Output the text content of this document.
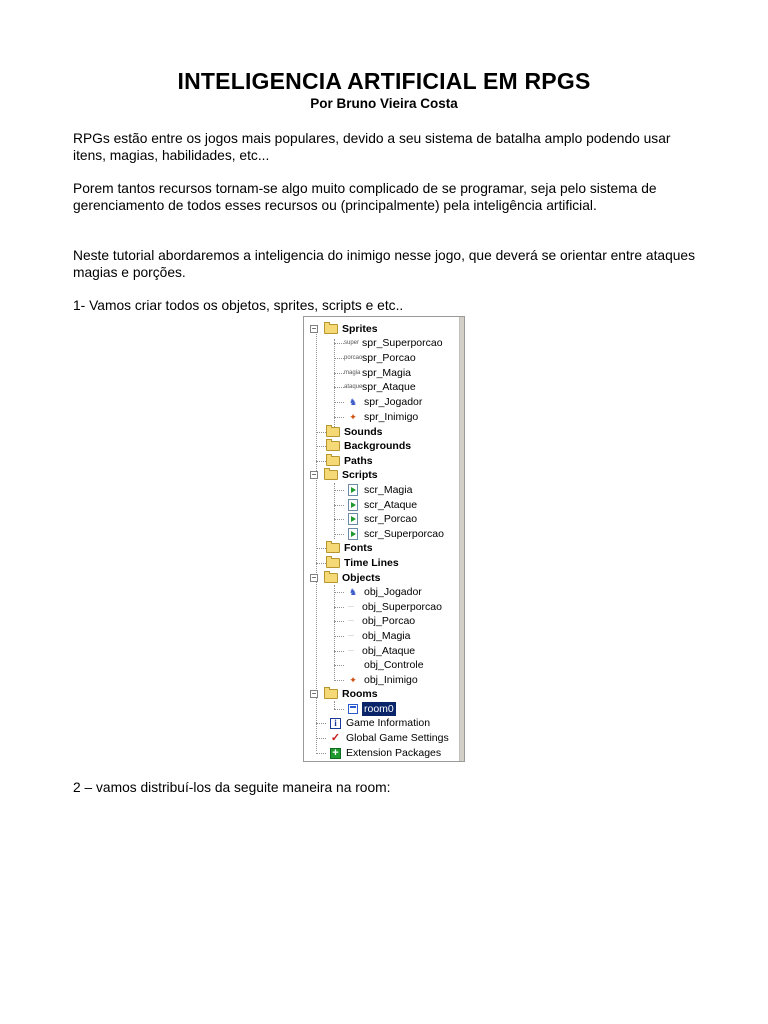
INTELIGENCIA ARTIFICIAL EM RPGS
Por Bruno Vieira Costa

RPGs estão entre os jogos mais populares, devido a seu sistema de batalha amplo podendo usar itens, magias, habilidades, etc...

Porem tantos recursos tornam-se algo muito complicado de se programar, seja pelo sistema de gerenciamento de todos esses recursos ou (principalmente) pela inteligência artificial.

Neste tutorial abordaremos a inteligencia do inimigo nesse jogo, que deverá se orientar entre ataques magias e porções.

1- Vamos criar todos os objetos, sprites, scripts e etc..

− Sprites
super spr_Superporcao
porcao spr_Porcao
magia spr_Magia
ataque spr_Ataque
♞ spr_Jogador
✦ spr_Inimigo
Sounds
Backgrounds
Paths
− Scripts
scr_Magia
scr_Ataque
scr_Porcao
scr_Superporcao
Fonts
Time Lines
− Objects
♞ obj_Jogador
··· obj_Superporcao
··· obj_Porcao
··· obj_Magia
··· obj_Ataque
obj_Controle
✦ obj_Inimigo
− Rooms
room0
i Game Information
✓ Global Game Settings
+ Extension Packages

2 – vamos distribuí-los da seguite maneira na room:
